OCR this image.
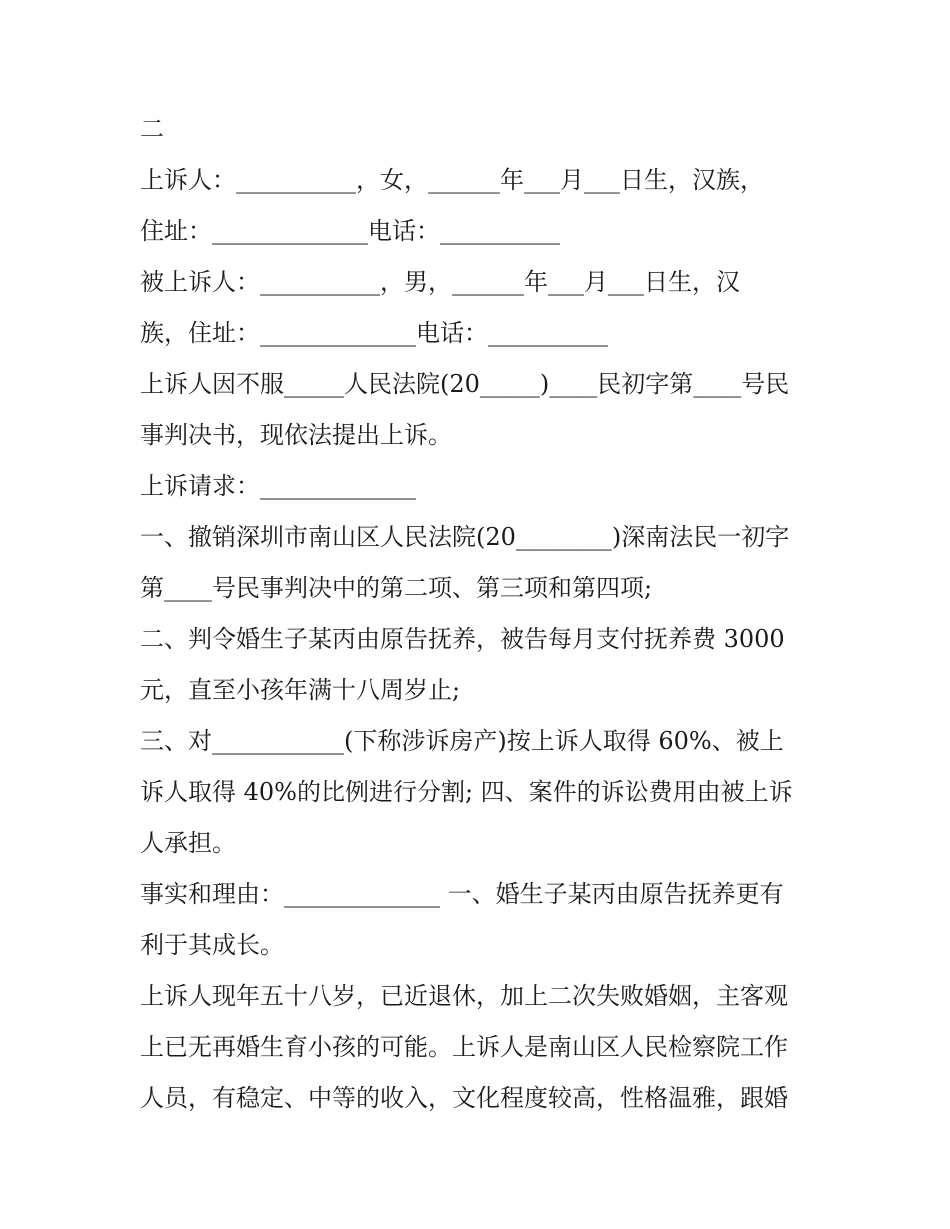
二
上诉人：__________，女，______年___月___日生，汉族，
住址：_____________电话：__________
被上诉人：__________，男，______年___月___日生，汉
族，住址：_____________电话：__________
上诉人因不服_____人民法院(20_____)____民初字第____号民
事判决书，现依法提出上诉。
上诉请求：_____________
一、撤销深圳市南山区人民法院(20________)深南法民一初字
第____号民事判决中的第二项、第三项和第四项;
二、判令婚生子某丙由原告抚养，被告每月支付抚养费 3000
元，直至小孩年满十八周岁止;
三、对___________(下称涉诉房产)按上诉人取得 60%、被上
诉人取得 40%的比例进行分割; 四、案件的诉讼费用由被上诉
人承担。
事实和理由：_____________ 一、婚生子某丙由原告抚养更有
利于其成长。
上诉人现年五十八岁，已近退休，加上二次失败婚姻，主客观
上已无再婚生育小孩的可能。上诉人是南山区人民检察院工作
人员，有稳定、中等的收入，文化程度较高，性格温雅，跟婚
